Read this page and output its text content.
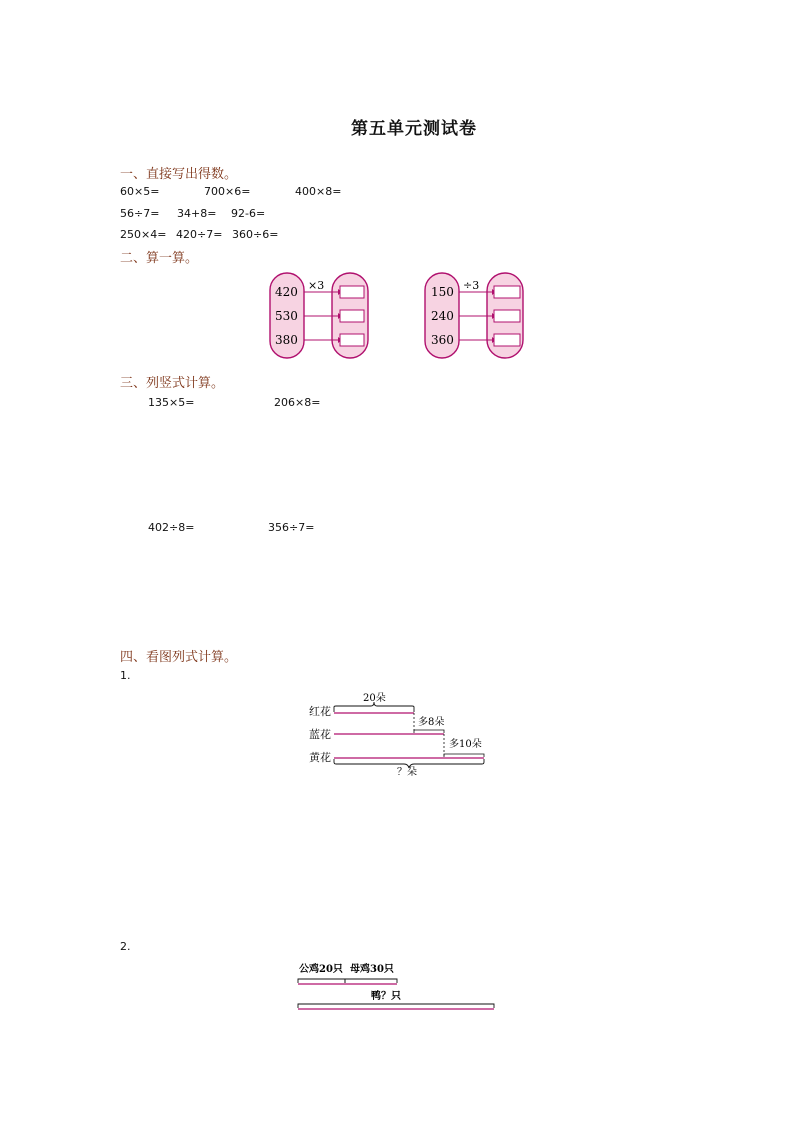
第五单元测试卷
一、直接写出得数。
60×5=	700×6=	400×8=
56÷7= 34+8= 92-6=
250×4= 420÷7= 360÷6=
二、算一算。
420
530
380
×3	150
240
360
÷3
红花
蓝花
黄花
20朵
多8朵
多10朵
？朵
公鸡20只 母鸡30只
鸭？只
三、列竖式计算。
135×5=	206×8=
402÷8=	356÷7=
四、看图列式计算。
1.
2.
